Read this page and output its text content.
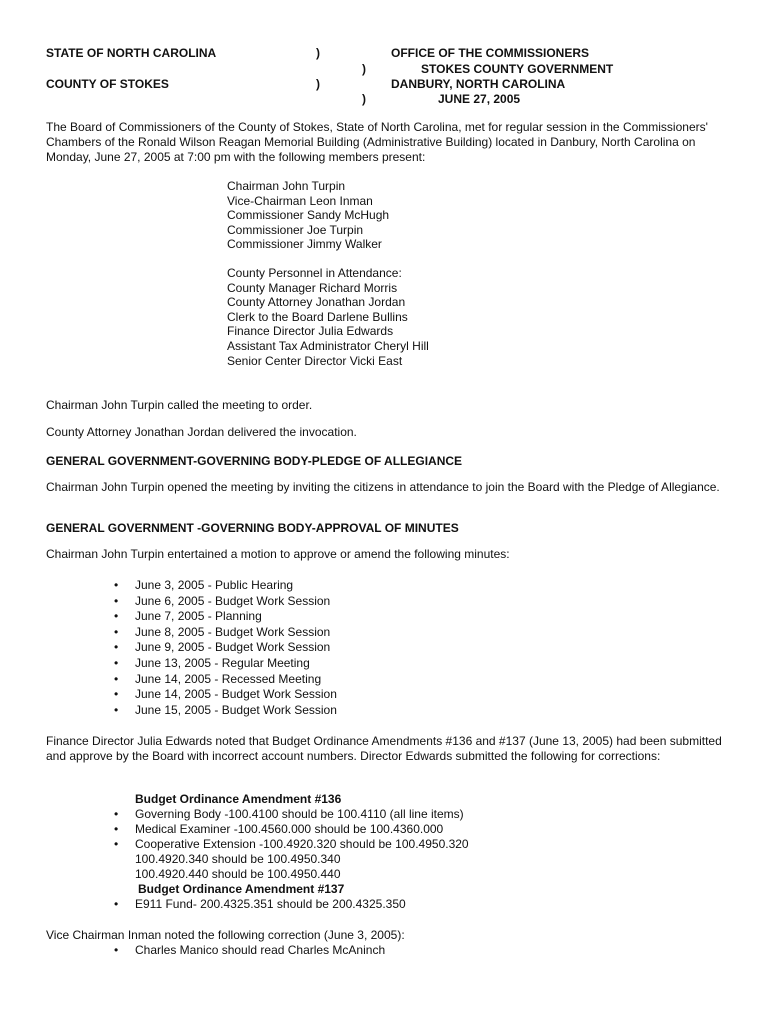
STATE OF NORTH CAROLINA
COUNTY OF STOKES
)
)
)
)
OFFICE OF THE COMMISSIONERS
STOKES COUNTY GOVERNMENT
DANBURY, NORTH CAROLINA
JUNE 27, 2005
The Board of Commissioners of the County of Stokes, State of North Carolina, met for regular session in the Commissioners' Chambers of the Ronald Wilson Reagan Memorial Building (Administrative Building) located in Danbury, North Carolina on Monday, June 27, 2005 at 7:00 pm with the following members present:
Chairman John Turpin
Vice-Chairman Leon Inman
Commissioner Sandy McHugh
Commissioner Joe Turpin
Commissioner Jimmy Walker
County Personnel in Attendance:
County Manager Richard Morris
County Attorney Jonathan Jordan
Clerk to the Board Darlene Bullins
Finance Director Julia Edwards
Assistant Tax Administrator Cheryl Hill
Senior Center Director Vicki East
Chairman John Turpin called the meeting to order.
County Attorney Jonathan Jordan delivered the invocation.
GENERAL GOVERNMENT-GOVERNING BODY-PLEDGE OF ALLEGIANCE
Chairman John Turpin opened the meeting by inviting the citizens in attendance to join the Board with the Pledge of Allegiance.
GENERAL GOVERNMENT -GOVERNING BODY-APPROVAL OF MINUTES
Chairman John Turpin entertained a motion to approve or amend the following minutes:
• June 3, 2005 - Public Hearing
• June 6, 2005 - Budget Work Session
• June 7, 2005 - Planning
• June 8, 2005 - Budget Work Session
• June 9, 2005 - Budget Work Session
• June 13, 2005 - Regular Meeting
• June 14, 2005 - Recessed Meeting
• June 14, 2005 - Budget Work Session
• June 15, 2005 - Budget Work Session
Finance Director Julia Edwards noted that Budget Ordinance Amendments #136 and #137 (June 13, 2005) had been submitted and approve by the Board with incorrect account numbers. Director Edwards submitted the following for corrections:
Budget Ordinance Amendment #136
• Governing Body -100.4100 should be 100.4110 (all line items)
• Medical Examiner -100.4560.000 should be 100.4360.000
• Cooperative Extension -100.4920.320 should be 100.4950.320
100.4920.340 should be 100.4950.340
100.4920.440 should be 100.4950.440
Budget Ordinance Amendment #137
• E911 Fund- 200.4325.351 should be 200.4325.350
Vice Chairman Inman noted the following correction (June 3, 2005):
• Charles Manico should read Charles McAninch
